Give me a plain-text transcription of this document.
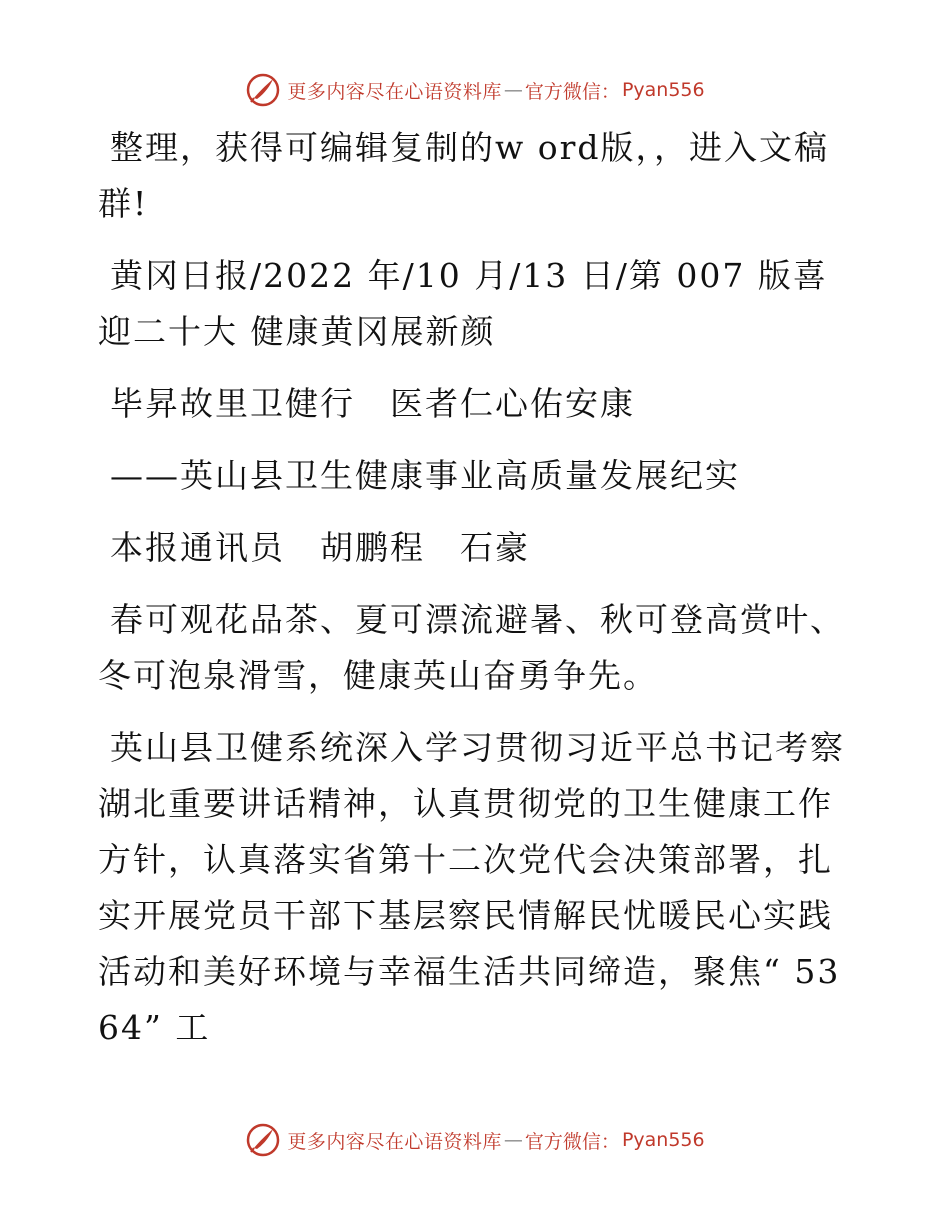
更多内容尽在心语资料库 — 官方微信： Pyan556

整理，获得可编辑复制的w ord版，，进入文稿群!

黄冈日报/2022 年/10 月/13 日/第 007 版喜迎二十大 健康黄冈展新颜

毕昇故里卫健行　医者仁心佑安康

——英山县卫生健康事业高质量发展纪实

本报通讯员　胡鹏程　石豪

春可观花品茶、夏可漂流避暑、秋可登高赏叶、冬可泡泉滑雪，健康英山奋勇争先。

英山县卫健系统深入学习贯彻习近平总书记考察湖北重要讲话精神，认真贯彻党的卫生健康工作方针，认真落实省第十二次党代会决策部署，扎实开展党员干部下基层察民情解民忧暖民心实践活动和美好环境与幸福生活共同缔造，聚焦“ 5364” 工

更多内容尽在心语资料库 — 官方微信： Pyan556
